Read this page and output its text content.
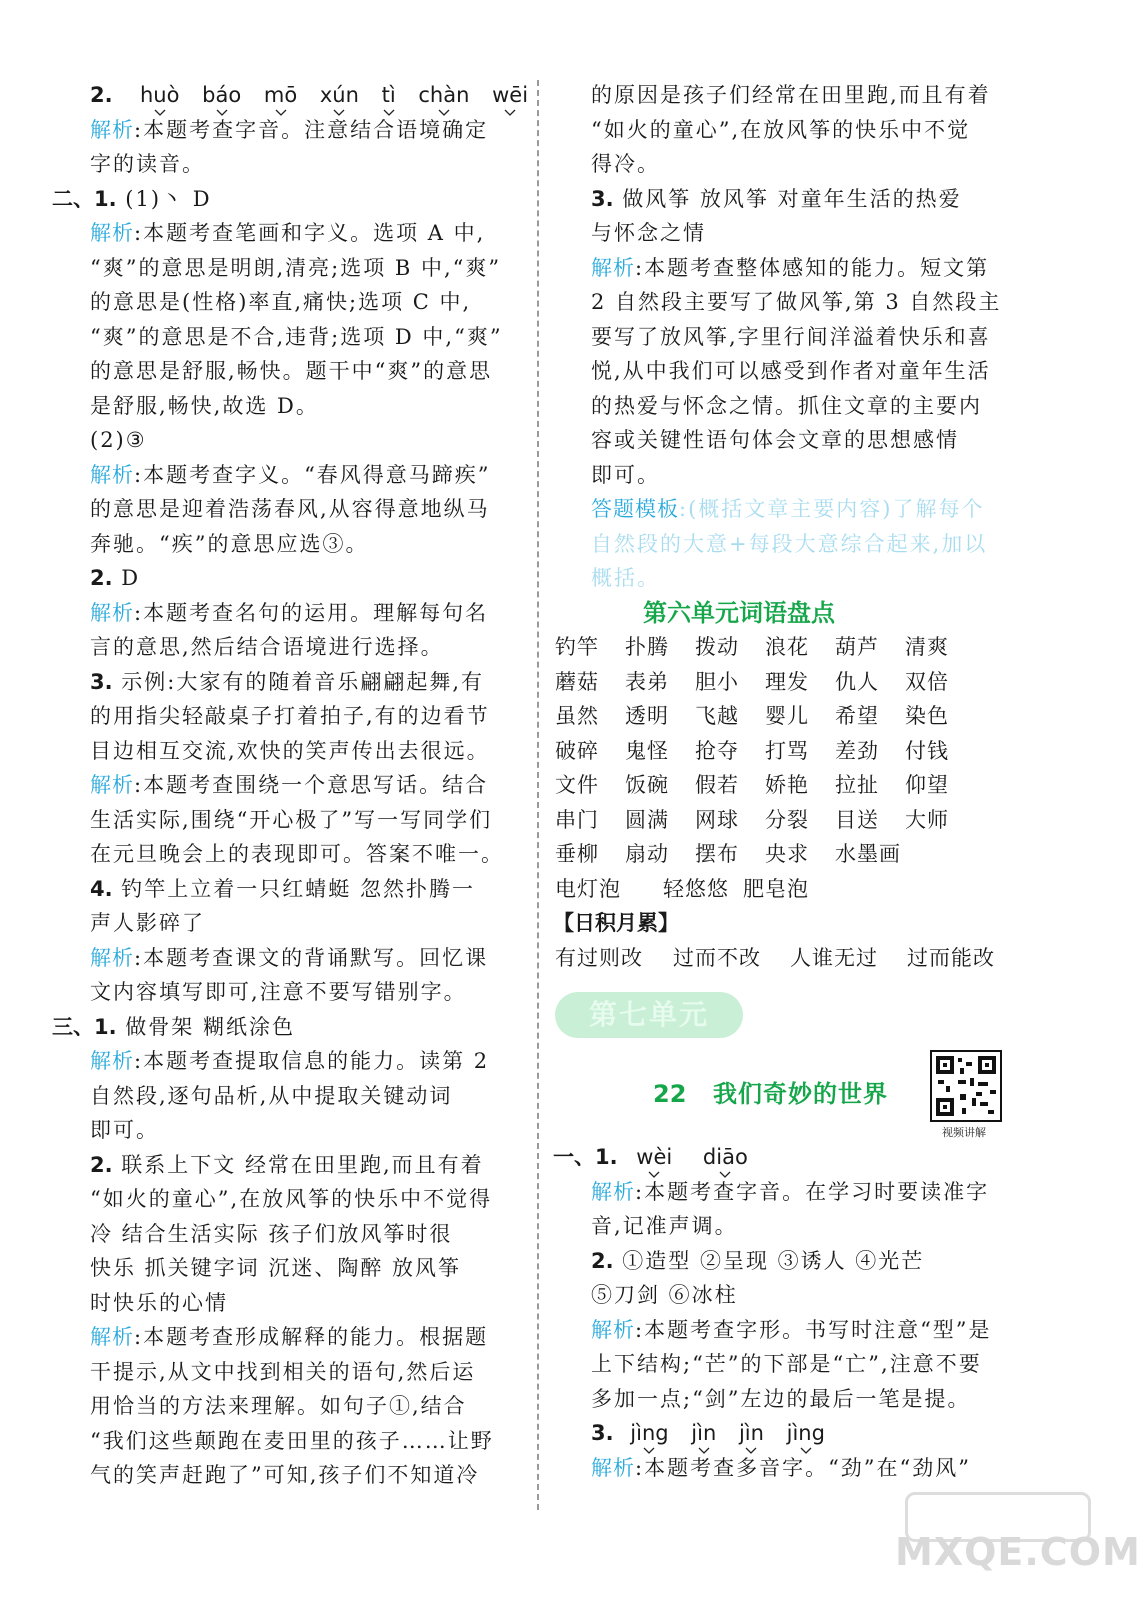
2. huò báo mō xún tì chàn wēi
解析:本题考查字音。注意结合语境确定
字的读音。
二、1. (1)丶 D
解析:本题考查笔画和字义。选项 A 中,
“爽”的意思是明朗,清亮;选项 B 中,“爽”
的意思是(性格)率直,痛快;选项 C 中,
“爽”的意思是不合,违背;选项 D 中,“爽”
的意思是舒服,畅快。题干中“爽”的意思
是舒服,畅快,故选 D。
(2)③
解析:本题考查字义。“春风得意马蹄疾”
的意思是迎着浩荡春风,从容得意地纵马
奔驰。“疾”的意思应选③。
2. D
解析:本题考查名句的运用。理解每句名
言的意思,然后结合语境进行选择。
3. 示例:大家有的随着音乐翩翩起舞,有
的用指尖轻敲桌子打着拍子,有的边看节
目边相互交流,欢快的笑声传出去很远。
解析:本题考查围绕一个意思写话。结合
生活实际,围绕“开心极了”写一写同学们
在元旦晚会上的表现即可。答案不唯一。
4. 钓竿上立着一只红蜻蜓 忽然扑腾一
声人影碎了
解析:本题考查课文的背诵默写。回忆课
文内容填写即可,注意不要写错别字。
三、1. 做骨架 糊纸涂色
解析:本题考查提取信息的能力。读第 2
自然段,逐句品析,从中提取关键动词
即可。
2. 联系上下文 经常在田里跑,而且有着
“如火的童心”,在放风筝的快乐中不觉得
冷 结合生活实际 孩子们放风筝时很
快乐 抓关键字词 沉迷、陶醉 放风筝
时快乐的心情
解析:本题考查形成解释的能力。根据题
干提示,从文中找到相关的语句,然后运
用恰当的方法来理解。如句子①,结合
“我们这些颠跑在麦田里的孩子……让野
气的笑声赶跑了”可知,孩子们不知道冷
的原因是孩子们经常在田里跑,而且有着
“如火的童心”,在放风筝的快乐中不觉
得冷。
3. 做风筝 放风筝 对童年生活的热爱
与怀念之情
解析:本题考查整体感知的能力。短文第
2 自然段主要写了做风筝,第 3 自然段主
要写了放风筝,字里行间洋溢着快乐和喜
悦,从中我们可以感受到作者对童年生活
的热爱与怀念之情。抓住文章的主要内
容或关键性语句体会文章的思想感情
即可。
答题模板:(概括文章主要内容)了解每个
自然段的大意+每段大意综合起来,加以
概括。
第六单元词语盘点
钓竿 扑腾 拨动 浪花 葫芦 清爽
蘑菇 表弟 胆小 理发 仇人 双倍
虽然 透明 飞越 婴儿 希望 染色
破碎 鬼怪 抢夺 打骂 差劲 付钱
文件 饭碗 假若 娇艳 拉扯 仰望
串门 圆满 网球 分裂 目送 大师
垂柳 扇动 摆布 央求 水墨画
电灯泡 轻悠悠 肥皂泡
【日积月累】
有过则改 过而不改 人谁无过 过而能改
第七单元
22 我们奇妙的世界
视频讲解
一、1. wèi diāo
解析:本题考查字音。在学习时要读准字
音,记准声调。
2. ①造型 ②呈现 ③诱人 ④光芒
⑤刀剑 ⑥冰柱
解析:本题考查字形。书写时注意“型”是
上下结构;“芒”的下部是“亡”,注意不要
多加一点;“剑”左边的最后一笔是提。
3. jìng jìn jìn jìng
解析:本题考查多音字。“劲”在“劲风”
MXQE.COM
